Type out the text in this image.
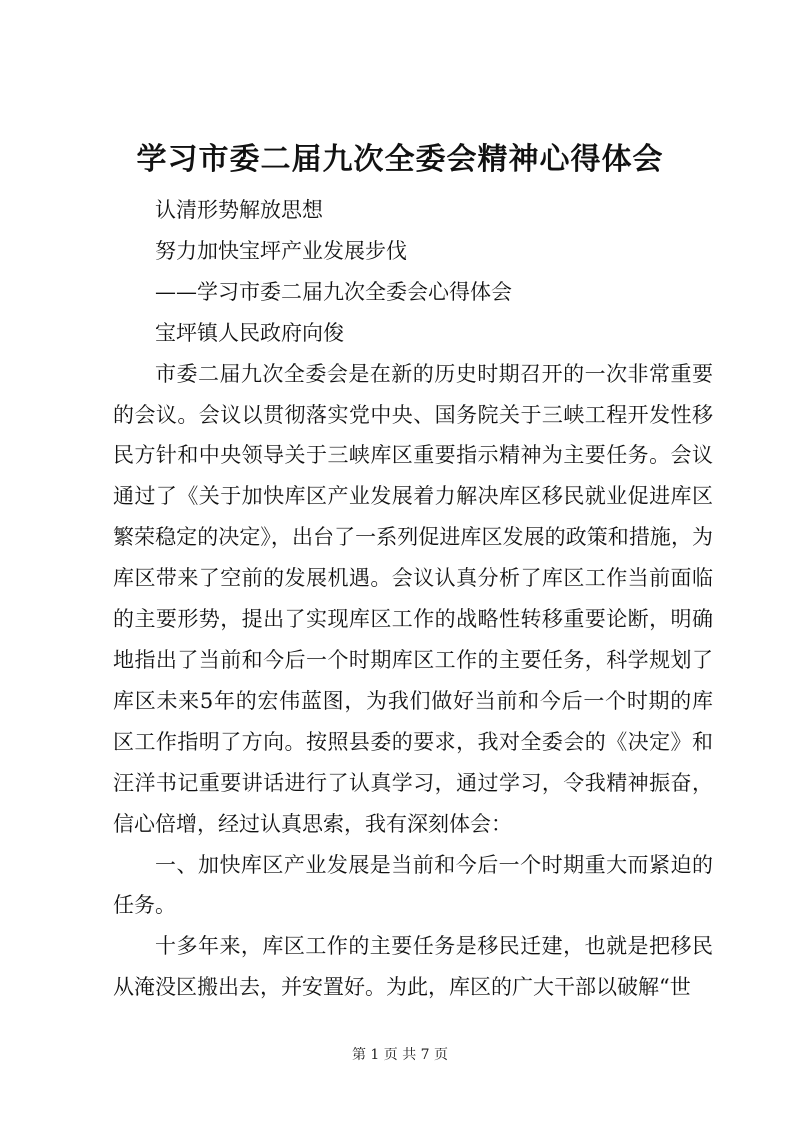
学习市委二届九次全委会精神心得体会

认清形势解放思想

努力加快宝坪产业发展步伐

——学习市委二届九次全委会心得体会

宝坪镇人民政府向俊

市委二届九次全委会是在新的历史时期召开的一次非常重要的会议。会议以贯彻落实党中央、国务院关于三峡工程开发性移民方针和中央领导关于三峡库区重要指示精神为主要任务。会议通过了《关于加快库区产业发展着力解决库区移民就业促进库区繁荣稳定的决定》，出台了一系列促进库区发展的政策和措施，为库区带来了空前的发展机遇。会议认真分析了库区工作当前面临的主要形势，提出了实现库区工作的战略性转移重要论断，明确地指出了当前和今后一个时期库区工作的主要任务，科学规划了库区未来5年的宏伟蓝图，为我们做好当前和今后一个时期的库区工作指明了方向。按照县委的要求，我对全委会的《决定》和汪洋书记重要讲话进行了认真学习，通过学习，令我精神振奋，信心倍增，经过认真思索，我有深刻体会：

一、加快库区产业发展是当前和今后一个时期重大而紧迫的任务。

十多年来，库区工作的主要任务是移民迁建，也就是把移民从淹没区搬出去，并安置好。为此，库区的广大干部以破解“世

第 1 页 共 7 页
